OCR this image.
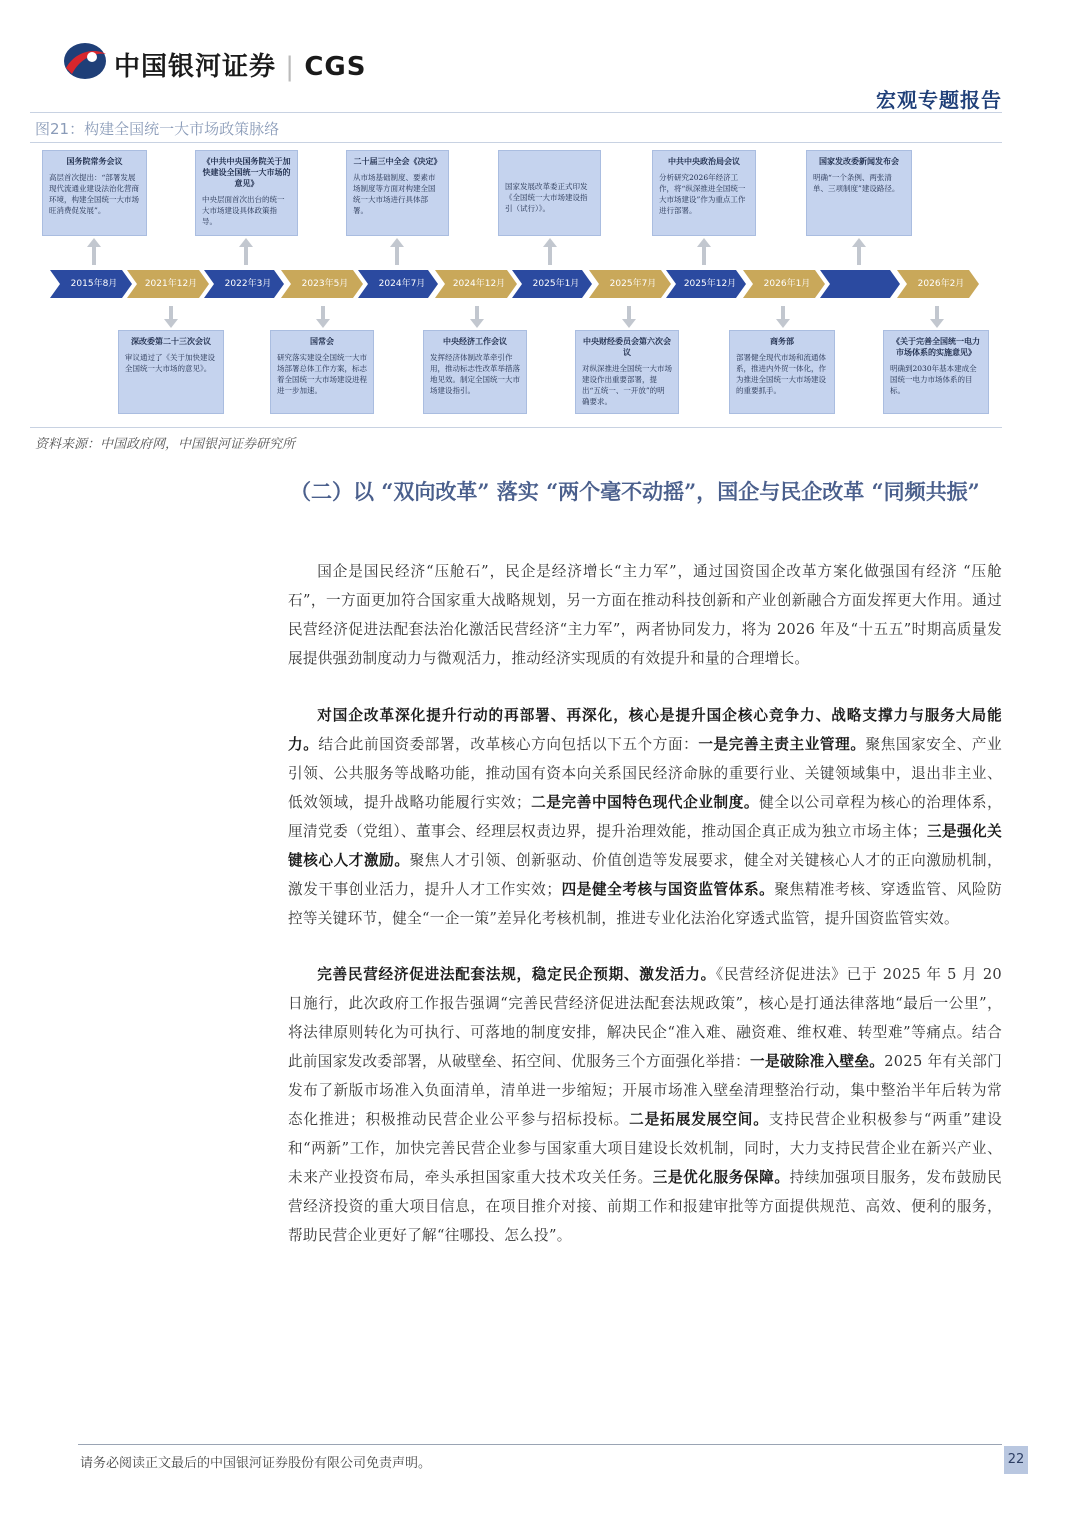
中国银河证券 | CGS
宏观专题报告
图21：构建全国统一大市场政策脉络
国务院常务会议
高层首次提出：“部署发展现代流通业建设法治化营商环境，构建全国统一大市场旺消费促发展”。
《中共中央国务院关于加快建设全国统一大市场的意见》
中央层面首次出台的统一大市场建设具体政策指导。
二十届三中全会《决定》
从市场基础制度、要素市场制度等方面对构建全国统一大市场进行具体部署。
国家发展改革委正式印发《全国统一大市场建设指引（试行）》。
中共中央政治局会议
分析研究2026年经济工作，将“纵深推进全国统一大市场建设”作为重点工作进行部署。
国家发改委新闻发布会
明确“一个条例、两张清单、三项制度”建设路径。
2015年8月	2021年12月	2022年3月	2023年5月	2024年7月	2024年12月	2025年1月	2025年7月	2025年12月	2026年1月	2026年2月
深改委第二十三次会议
审议通过了《关于加快建设全国统一大市场的意见》。
国常会
研究落实建设全国统一大市场部署总体工作方案，标志着全国统一大市场建设进程进一步加速。
中央经济工作会议
发挥经济体制改革牵引作用，推动标志性改革举措落地见效。制定全国统一大市场建设指引。
中央财经委员会第六次会议
对纵深推进全国统一大市场建设作出重要部署，提出“五统一、一开放”的明确要求。
商务部
部署健全现代市场和流通体系，推进内外贸一体化，作为推进全国统一大市场建设的重要抓手。
《关于完善全国统一电力市场体系的实施意见》
明确到2030年基本建成全国统一电力市场体系的目标。
资料来源：中国政府网，中国银河证券研究所
（二）以 “双向改革” 落实 “两个毫不动摇”，国企与民企改革 “同频共振”
国企是国民经济“压舱石”，民企是经济增长“主力军”，通过国资国企改革方案化做强国有经济 “压舱石”，一方面更加符合国家重大战略规划，另一方面在推动科技创新和产业创新融合方面发挥更大作用。通过民营经济促进法配套法治化激活民营经济“主力军”，两者协同发力，将为 2026 年及“十五五”时期高质量发展提供强劲制度动力与微观活力，推动经济实现质的有效提升和量的合理增长。
对国企改革深化提升行动的再部署、再深化，核心是提升国企核心竞争力、战略支撑力与服务大局能力。结合此前国资委部署，改革核心方向包括以下五个方面：一是完善主责主业管理。聚焦国家安全、产业引领、公共服务等战略功能，推动国有资本向关系国民经济命脉的重要行业、关键领域集中，退出非主业、低效领域，提升战略功能履行实效；二是完善中国特色现代企业制度。健全以公司章程为核心的治理体系，厘清党委（党组）、董事会、经理层权责边界，提升治理效能，推动国企真正成为独立市场主体；三是强化关键核心人才激励。聚焦人才引领、创新驱动、价值创造等发展要求，健全对关键核心人才的正向激励机制，激发干事创业活力，提升人才工作实效；四是健全考核与国资监管体系。聚焦精准考核、穿透监管、风险防控等关键环节，健全“一企一策”差异化考核机制，推进专业化法治化穿透式监管，提升国资监管实效。
完善民营经济促进法配套法规，稳定民企预期、激发活力。《民营经济促进法》已于 2025 年 5 月 20 日施行，此次政府工作报告强调“完善民营经济促进法配套法规政策”，核心是打通法律落地“最后一公里”，将法律原则转化为可执行、可落地的制度安排，解决民企“准入难、融资难、维权难、转型难”等痛点。结合此前国家发改委部署，从破壁垒、拓空间、优服务三个方面强化举措：一是破除准入壁垒。2025 年有关部门发布了新版市场准入负面清单，清单进一步缩短；开展市场准入壁垒清理整治行动，集中整治半年后转为常态化推进；积极推动民营企业公平参与招标投标。二是拓展发展空间。支持民营企业积极参与“两重”建设和“两新”工作，加快完善民营企业参与国家重大项目建设长效机制，同时，大力支持民营企业在新兴产业、未来产业投资布局，牵头承担国家重大技术攻关任务。三是优化服务保障。持续加强项目服务，发布鼓励民营经济投资的重大项目信息，在项目推介对接、前期工作和报建审批等方面提供规范、高效、便利的服务，帮助民营企业更好了解“往哪投、怎么投”。
请务必阅读正文最后的中国银河证券股份有限公司免责声明。	22
